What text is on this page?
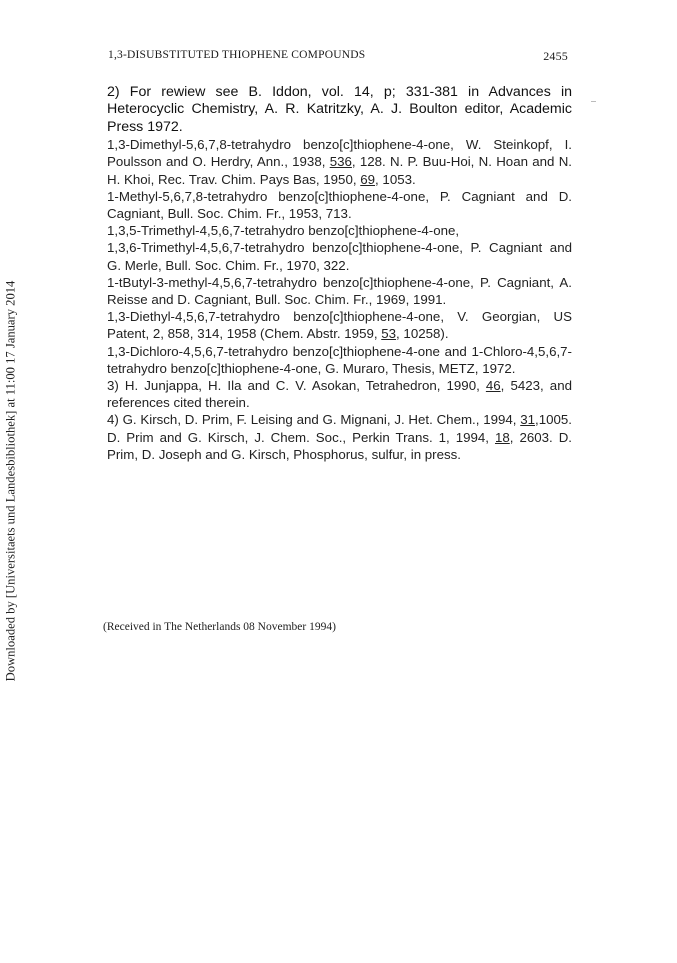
1,3-DISUBSTITUTED THIOPHENE COMPOUNDS	2455

2) For rewiew see B. Iddon, vol. 14, p; 331-381 in Advances in Heterocyclic Chemistry, A. R. Katritzky, A. J. Boulton editor, Academic Press 1972.

1,3-Dimethyl-5,6,7,8-tetrahydro benzo[c]thiophene-4-one, W. Steinkopf, I. Poulsson and O. Herdry, Ann., 1938, 536, 128. N. P. Buu-Hoi, N. Hoan and N. H. Khoi, Rec. Trav. Chim. Pays Bas, 1950, 69, 1053.

1-Methyl-5,6,7,8-tetrahydro benzo[c]thiophene-4-one, P. Cagniant and D. Cagniant, Bull. Soc. Chim. Fr., 1953, 713.

1,3,5-Trimethyl-4,5,6,7-tetrahydro benzo[c]thiophene-4-one,

1,3,6-Trimethyl-4,5,6,7-tetrahydro benzo[c]thiophene-4-one, P. Cagniant and G. Merle, Bull. Soc. Chim. Fr., 1970, 322.

1-tButyl-3-methyl-4,5,6,7-tetrahydro benzo[c]thiophene-4-one, P. Cagniant, A. Reisse and D. Cagniant, Bull. Soc. Chim. Fr., 1969, 1991.

1,3-Diethyl-4,5,6,7-tetrahydro benzo[c]thiophene-4-one, V. Georgian, US Patent, 2, 858, 314, 1958 (Chem. Abstr. 1959, 53, 10258).

1,3-Dichloro-4,5,6,7-tetrahydro benzo[c]thiophene-4-one and 1-Chloro-4,5,6,7-tetrahydro benzo[c]thiophene-4-one, G. Muraro, Thesis, METZ, 1972.

3) H. Junjappa, H. Ila and C. V. Asokan, Tetrahedron, 1990, 46, 5423, and references cited therein.

4) G. Kirsch, D. Prim, F. Leising and G. Mignani, J. Het. Chem., 1994, 31,1005. D. Prim and G. Kirsch, J. Chem. Soc., Perkin Trans. 1, 1994, 18, 2603. D. Prim, D. Joseph and G. Kirsch, Phosphorus, sulfur, in press.

(Received in The Netherlands 08 November 1994)
Downloaded by [Universitaets und Landesbibliothek] at 11:00 17 January 2014
